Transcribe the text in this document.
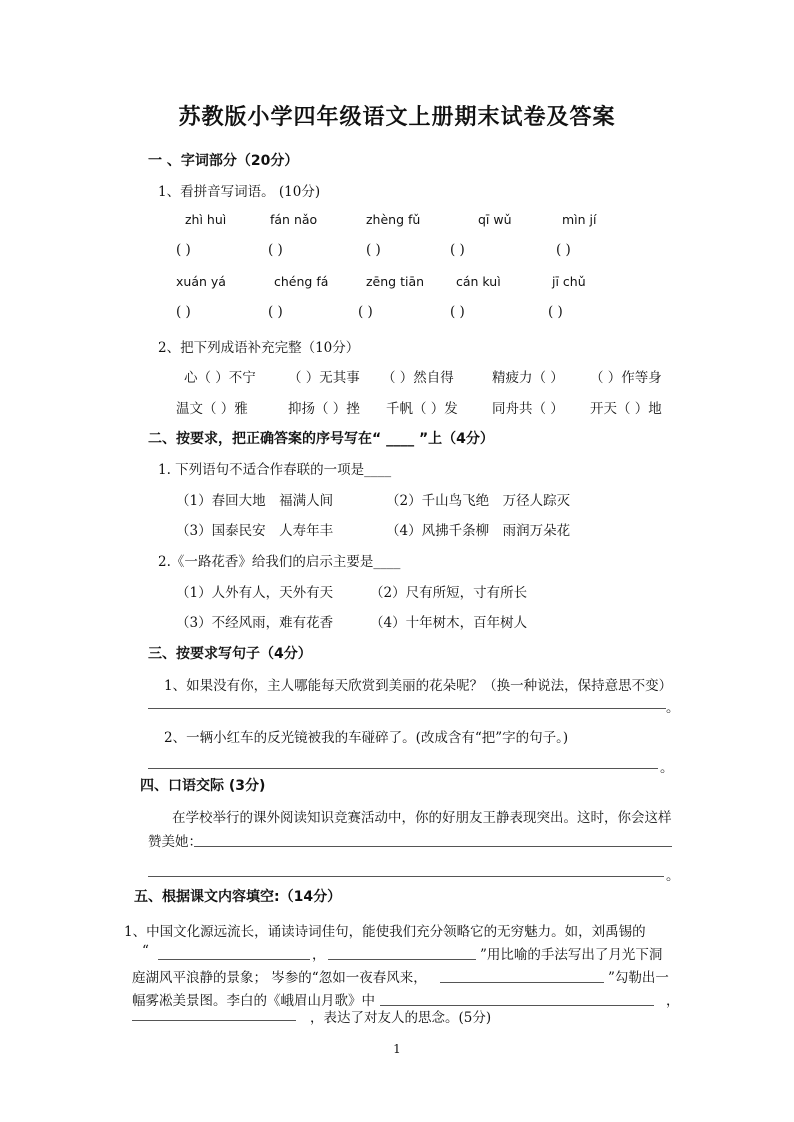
苏教版小学四年级语文上册期末试卷及答案
一 、字词部分（20分）
1、看拼音写词语。 (10分)
zhì huì	fán nǎo	zhèng fǔ	qī wǔ	mìn jí
( )	( )	( )	( )	( )
xuán yá	chéng fá	zēng tiān	cán kuì	jī chǔ
( )	( )	( )	( )	( )
2、把下列成语补充完整（10分）
心（ ）不宁 （ ）无其事 （ ）然自得	精疲力（ ） （ ）作等身
温文（ ）雅	抑扬（ ）挫 千帆（ ）发	同舟共（ ） 开天（ ）地
二、按要求，把正确答案的序号写在“ ____ ”上（4分）
1. 下列语句不适合作春联的一项是____
（1）春回大地　福满人间	（2）千山鸟飞绝　万径人踪灭
（3）国泰民安　人寿年丰	（4）风拂千条柳　雨润万朵花
2.《一路花香》给我们的启示主要是____
（1）人外有人，天外有天	（2）尺有所短，寸有所长
（3）不经风雨，难有花香	（4）十年树木，百年树人
三、按要求写句子（4分）
1、如果没有你，主人哪能每天欣赏到美丽的花朵呢？（换一种说法，保持意思不变）
。
2、一辆小红车的反光镜被我的车碰碎了。(改成含有“把”字的句子。)
。
四、口语交际 (3分)
在学校举行的课外阅读知识竞赛活动中，你的好朋友王静表现突出。这时，你会这样
赞美她：
。
五、根据课文内容填空:（14分）
1、中国文化源远流长，诵读诗词佳句，能使我们充分领略它的无穷魅力。如，刘禹锡的
“	，	”用比喻的手法写出了月光下洞
庭湖风平浪静的景象； 岑参的“忽如一夜春风来，	”勾勒出一
幅雾凇美景图。李白的《峨眉山月歌》中	，
，表达了对友人的思念。(5分)
1
